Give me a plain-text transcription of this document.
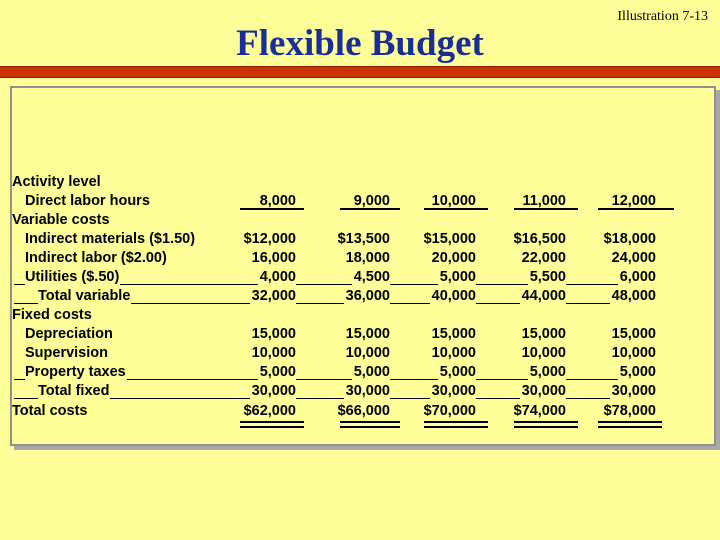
Illustration 7-13
Flexible Budget
Activity level
Direct labor hours	8,000	9,000	10,000	11,000	12,000
Variable costs
Indirect materials ($1.50)	$12,000	$13,500 $15,000	$16,500	$18,000
Indirect labor ($2.00)	16,000	18,000	20,000	22,000	24,000
Utilities ($.50)	4,000	4,500	5,000	5,500	6,000
Total variable	32,000	36,000	40,000	44,000	48,000
Fixed costs
Depreciation	15,000	15,000	15,000	15,000	15,000
Supervision	10,000	10,000	10,000	10,000	10,000
Property taxes	5,000	5,000	5,000	5,000	5,000
Total fixed	30,000	30,000	30,000	30,000	30,000
Total costs	$62,000	$66,000 $70,000	$74,000	$78,000
